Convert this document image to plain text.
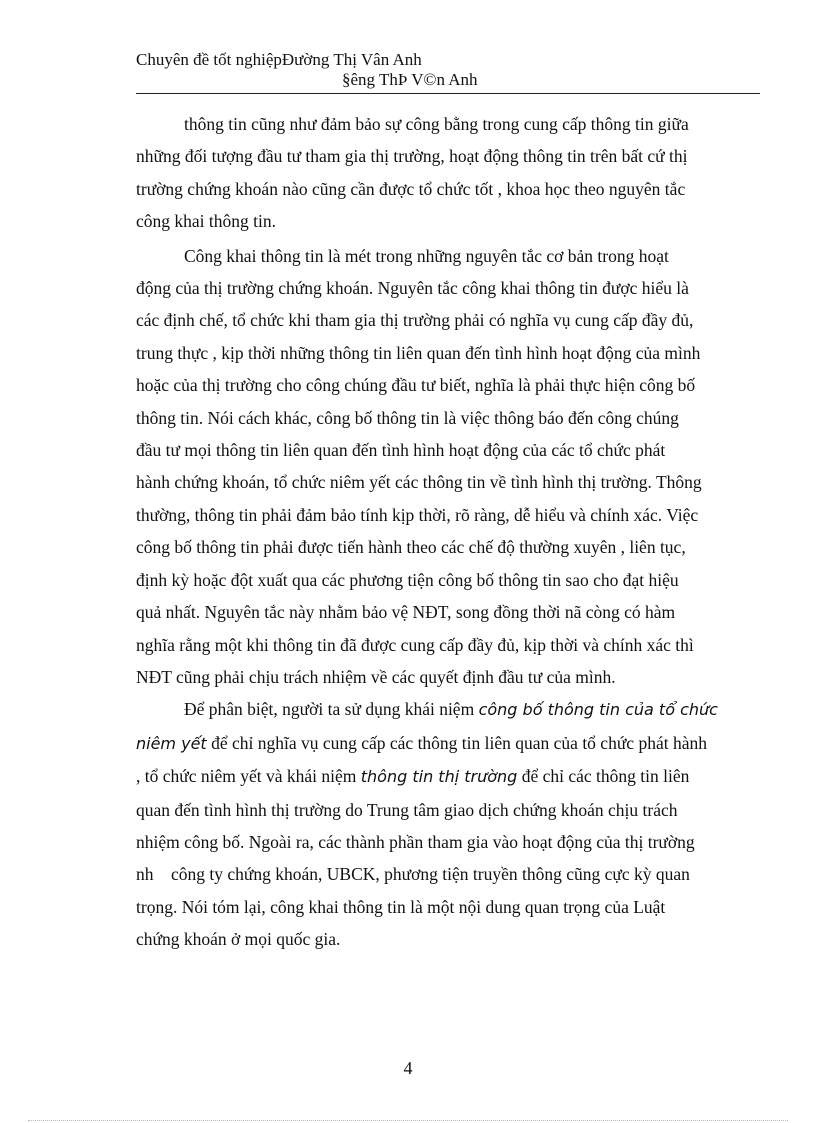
Chuyên đề tốt nghiệpĐường Thị Vân Anh
§êng ThÞ V©n Anh

thông tin cũng như đảm bảo sự công bằng trong cung cấp thông tin giữa

những đối tượng đầu tư tham gia thị trường, hoạt động thông tin trên bất cứ thị

trường chứng khoán nào cũng cần được tổ chức tốt , khoa học theo nguyên tắc

công khai thông tin.

Công khai thông tin là mét trong những nguyên tắc cơ bản trong hoạt

động của thị trường chứng khoán. Nguyên tắc công khai thông tin được hiểu là

các định chế, tổ chức khi tham gia thị trường phải có nghĩa vụ cung cấp đầy đủ,

trung thực , kịp thời những thông tin liên quan đến tình hình hoạt động của mình

hoặc của thị trường cho công chúng đầu tư biết, nghĩa là phải thực hiện công bố

thông tin. Nói cách khác, công bố thông tin là việc thông báo đến công chúng

đầu tư mọi thông tin liên quan đến tình hình hoạt động của các tổ chức phát

hành chứng khoán, tổ chức niêm yết các thông tin về tình hình thị trường. Thông

thường, thông tin phải đảm bảo tính kịp thời, rõ ràng, dễ hiểu và chính xác. Việc

công bố thông tin phải được tiến hành theo các chế độ thường xuyên , liên tục,

định kỳ hoặc đột xuất qua các phương tiện công bố thông tin sao cho đạt hiệu

quả nhất. Nguyên tắc này nhằm bảo vệ NĐT, song đồng thời nã còng có hàm

nghĩa rằng một khi thông tin đã được cung cấp đầy đủ, kịp thời và chính xác thì

NĐT cũng phải chịu trách nhiệm về các quyết định đầu tư của mình.

Để phân biệt, người ta sử dụng khái niệm công bố thông tin của tổ chức

niêm yết để chỉ nghĩa vụ cung cấp các thông tin liên quan của tổ chức phát hành

, tổ chức niêm yết và khái niệm thông tin thị trường để chỉ các thông tin liên

quan đến tình hình thị trường do Trung tâm giao dịch chứng khoán chịu trách

nhiệm công bố. Ngoài ra, các thành phần tham gia vào hoạt động của thị trường

nh    công ty chứng khoán, UBCK, phương tiện truyền thông cũng cực kỳ quan

trọng. Nói tóm lại, công khai thông tin là một nội dung quan trọng của Luật

chứng khoán ở mọi quốc gia.

4
